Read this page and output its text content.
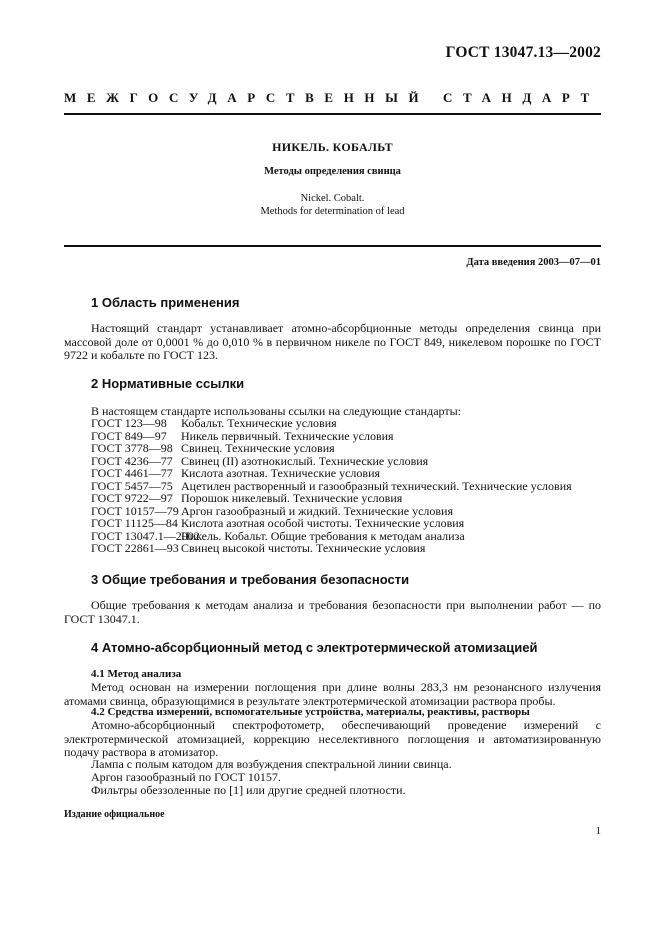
ГОСТ 13047.13—2002
МЕЖГОСУДАРСТВЕННЫЙ СТАНДАРТ
НИКЕЛЬ. КОБАЛЬТ
Методы определения свинца
Nickel. Cobalt.
Methods for determination of lead
Дата введения 2003—07—01
1 Область применения
Настоящий стандарт устанавливает атомно-абсорбционные методы определения свинца при массовой доле от 0,0001 % до 0,010 % в первичном никеле по ГОСТ 849, никелевом порошке по ГОСТ 9722 и кобальте по ГОСТ 123.
2 Нормативные ссылки
В настоящем стандарте использованы ссылки на следующие стандарты:
ГОСТ 123—98	Кобальт. Технические условия
ГОСТ 849—97	Никель первичный. Технические условия
ГОСТ 3778—98 Свинец. Технические условия
ГОСТ 4236—77 Свинец (II) азотнокислый. Технические условия
ГОСТ 4461—77 Кислота азотная. Технические условия
ГОСТ 5457—75 Ацетилен растворенный и газообразный технический. Технические условия
ГОСТ 9722—97 Порошок никелевый. Технические условия
ГОСТ 10157—79 Аргон газообразный и жидкий. Технические условия
ГОСТ 11125—84 Кислота азотная особой чистоты. Технические условия
ГОСТ 13047.1—2002
Никель. Кобальт. Общие требования к методам анализа
ГОСТ 22861—93 Свинец высокой чистоты. Технические условия
3 Общие требования и требования безопасности
Общие требования к методам анализа и требования безопасности при выполнении работ — по ГОСТ 13047.1.
4 Атомно-абсорбционный метод с электротермической атомизацией
4.1 Метод анализа
Метод основан на измерении поглощения при длине волны 283,3 нм резонансного излучения атомами свинца, образующимися в результате электротермической атомизации раствора пробы.
4.2 Средства измерений, вспомогательные устройства, материалы, реактивы, растворы
Атомно-абсорбционный спектрофотометр, обеспечивающий проведение измерений с электротермической атомизацией, коррекцию неселективного поглощения и автоматизированную подачу раствора в атомизатор.
Лампа с полым катодом для возбуждения спектральной линии свинца.
Аргон газообразный по ГОСТ 10157.
Фильтры обеззоленные по [1] или другие средней плотности.
Издание официальное
1
